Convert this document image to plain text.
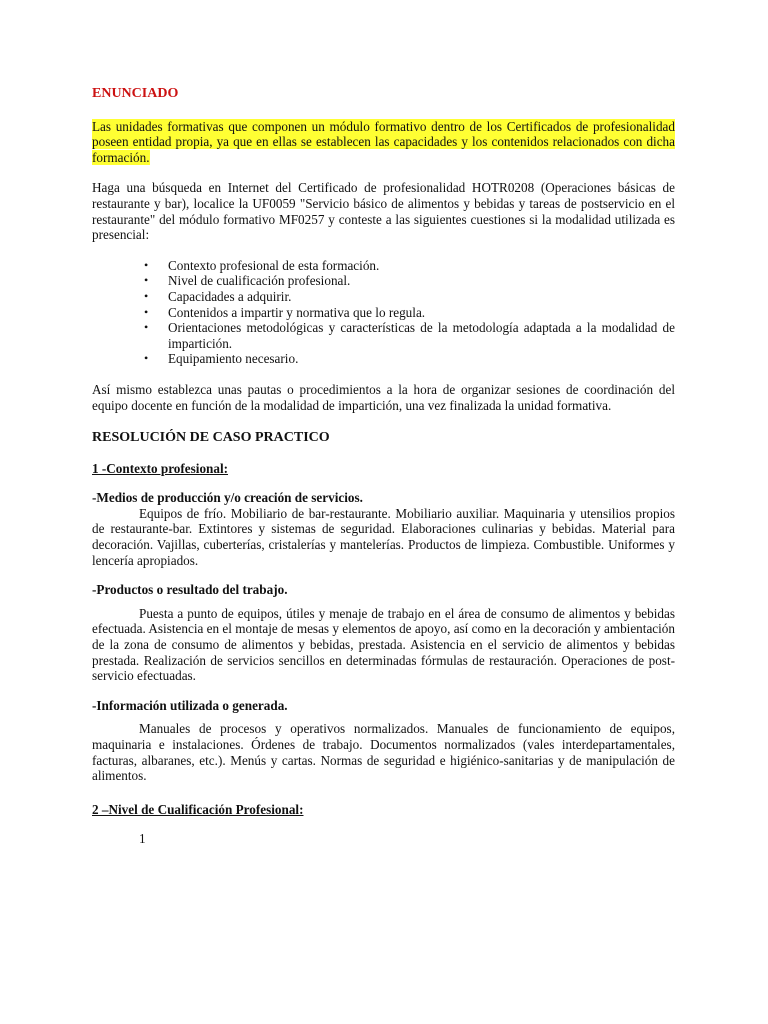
ENUNCIADO

Las unidades formativas que componen un módulo formativo dentro de los Certificados de profesionalidad poseen entidad propia, ya que en ellas se establecen las capacidades y los contenidos relacionados con dicha formación.

Haga una búsqueda en Internet del Certificado de profesionalidad HOTR0208 (Operaciones básicas de restaurante y bar), localice la UF0059 "Servicio básico de alimentos y bebidas y tareas de postservicio en el restaurante" del módulo formativo MF0257 y conteste a las siguientes cuestiones si la modalidad utilizada es presencial:

• Contexto profesional de esta formación.
• Nivel de cualificación profesional.
• Capacidades a adquirir.
• Contenidos a impartir y normativa que lo regula.
• Orientaciones metodológicas y características de la metodología adaptada a la modalidad de impartición.
• Equipamiento necesario.

Así mismo establezca unas pautas o procedimientos a la hora de organizar sesiones de coordinación del equipo docente en función de la modalidad de impartición, una vez finalizada la unidad formativa.

RESOLUCIÓN DE CASO PRACTICO

1 -Contexto profesional:

-Medios de producción y/o creación de servicios.

Equipos de frío. Mobiliario de bar-restaurante. Mobiliario auxiliar. Maquinaria y utensilios propios de restaurante-bar. Extintores y sistemas de seguridad. Elaboraciones culinarias y bebidas. Material para decoración. Vajillas, cuberterías, cristalerías y mantelerías. Productos de limpieza. Combustible. Uniformes y lencería apropiados.

-Productos o resultado del trabajo.

Puesta a punto de equipos, útiles y menaje de trabajo en el área de consumo de alimentos y bebidas efectuada. Asistencia en el montaje de mesas y elementos de apoyo, así como en la decoración y ambientación de la zona de consumo de alimentos y bebidas, prestada. Asistencia en el servicio de alimentos y bebidas prestada. Realización de servicios sencillos en determinadas fórmulas de restauración. Operaciones de post-servicio efectuadas.

-Información utilizada o generada.

Manuales de procesos y operativos normalizados. Manuales de funcionamiento de equipos, maquinaria e instalaciones. Órdenes de trabajo. Documentos normalizados (vales interdepartamentales, facturas, albaranes, etc.). Menús y cartas. Normas de seguridad e higiénico-sanitarias y de manipulación de alimentos.

2 –Nivel de Cualificación Profesional:

1
